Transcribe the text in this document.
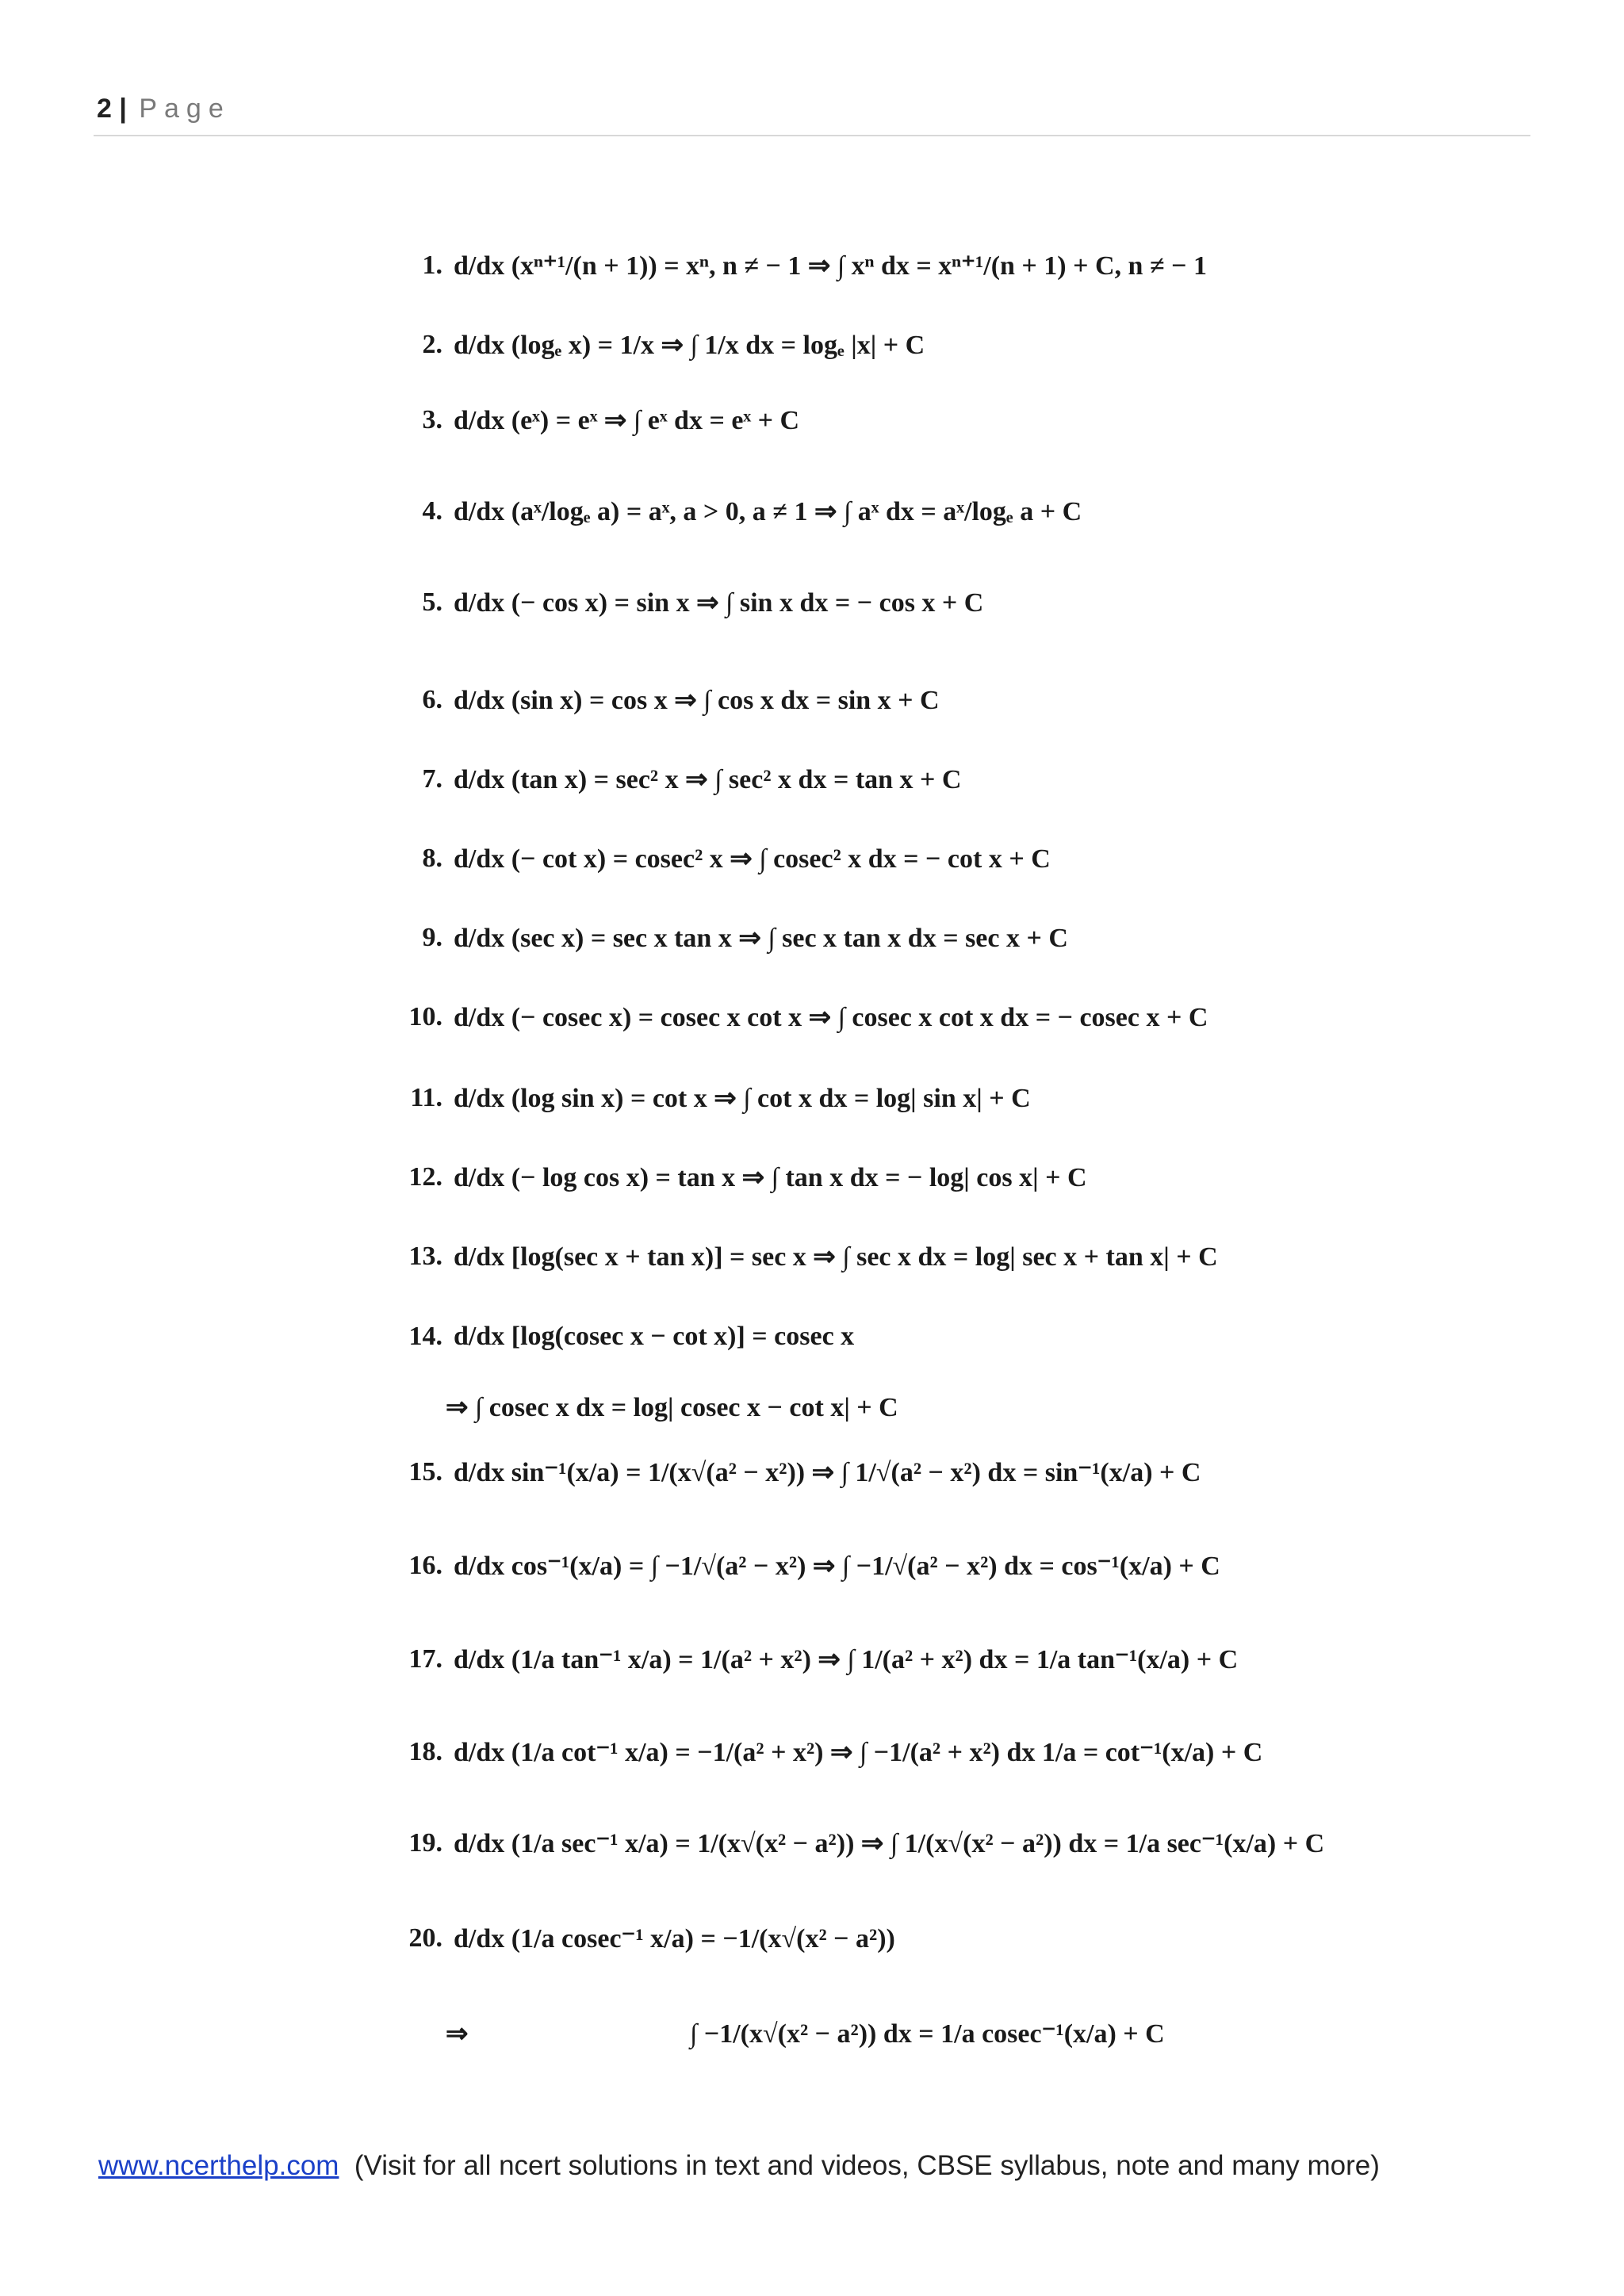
2 | Page
1. d/dx (xⁿ⁺¹/(n + 1)) = xⁿ, n ≠ − 1 ⇒ ∫ xⁿ dx = xⁿ⁺¹/(n + 1) + C, n ≠ − 1
2. d/dx (logₑ x) = 1/x ⇒ ∫ 1/x dx = logₑ |x| + C
3. d/dx (eˣ) = eˣ ⇒ ∫ eˣ dx = eˣ + C
4. d/dx (aˣ/logₑ a) = aˣ, a > 0, a ≠ 1 ⇒ ∫ aˣ dx = aˣ/logₑ a + C
5. d/dx (− cos x) = sin x ⇒ ∫ sin x dx = − cos x + C
6. d/dx (sin x) = cos x ⇒ ∫ cos x dx = sin x + C
7. d/dx (tan x) = sec² x ⇒ ∫ sec² x dx = tan x + C
8. d/dx (− cot x) = cosec² x ⇒ ∫ cosec² x dx = − cot x + C
9. d/dx (sec x) = sec x tan x ⇒ ∫ sec x tan x dx = sec x + C
10. d/dx (− cosec x) = cosec x cot x ⇒ ∫ cosec x cot x dx = − cosec x + C
11. d/dx (log sin x) = cot x ⇒ ∫ cot x dx = log| sin x| + C
12. d/dx (− log cos x) = tan x ⇒ ∫ tan x dx = − log| cos x| + C
13. d/dx [log(sec x + tan x)] = sec x ⇒ ∫ sec x dx = log| sec x + tan x| + C
14. d/dx [log(cosec x − cot x)] = cosec x
⇒ ∫ cosec x dx = log| cosec x − cot x| + C
15. d/dx sin⁻¹(x/a) = 1/(x√(a² − x²)) ⇒ ∫ 1/√(a² − x²) dx = sin⁻¹(x/a) + C
16. d/dx cos⁻¹(x/a) = ∫ −1/√(a² − x²) ⇒ ∫ −1/√(a² − x²) dx = cos⁻¹(x/a) + C
17. d/dx (1/a tan⁻¹ x/a) = 1/(a² + x²) ⇒ ∫ 1/(a² + x²) dx = 1/a tan⁻¹(x/a) + C
18. d/dx (1/a cot⁻¹ x/a) = −1/(a² + x²) ⇒ ∫ −1/(a² + x²) dx 1/a = cot⁻¹(x/a) + C
19. d/dx (1/a sec⁻¹ x/a) = 1/(x√(x² − a²)) ⇒ ∫ 1/(x√(x² − a²)) dx = 1/a sec⁻¹(x/a) + C
20. d/dx (1/a cosec⁻¹ x/a) = −1/(x√(x² − a²))
⇒	∫ −1/(x√(x² − a²)) dx = 1/a cosec⁻¹(x/a) + C
www.ncerthelp.com (Visit for all ncert solutions in text and videos, CBSE syllabus, note and many more)
